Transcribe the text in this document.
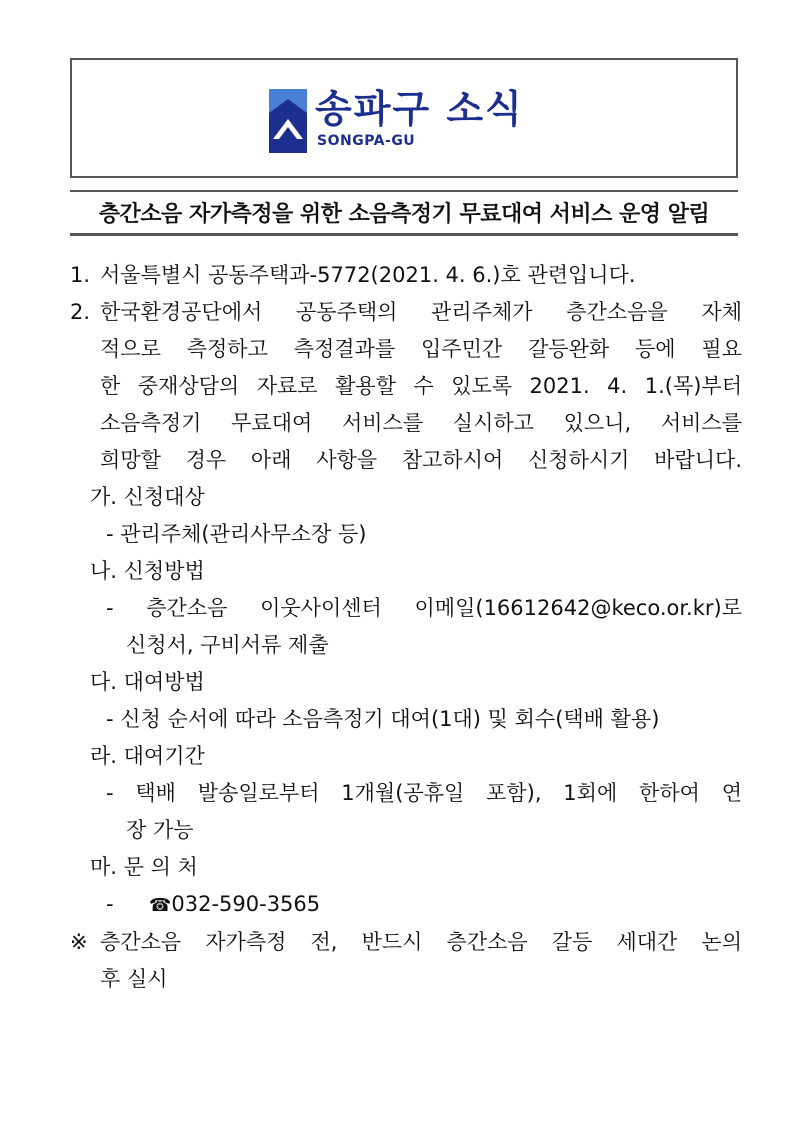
송파구 소식
SONGPA-GU
층간소음 자가측정을 위한 소음측정기 무료대여 서비스 운영 알림
1. 서울특별시 공동주택과-5772(2021. 4. 6.)호 관련입니다.
2. 한국환경공단에서 공동주택의 관리주체가 층간소음을 자체
적으로 측정하고 측정결과를 입주민간 갈등완화 등에 필요
한 중재상담의 자료로 활용할 수 있도록 2021. 4. 1.(목)부터
소음측정기 무료대여 서비스를 실시하고 있으니, 서비스를
희망할 경우 아래 사항을 참고하시어 신청하시기 바랍니다.
가. 신청대상
- 관리주체(관리사무소장 등)
나. 신청방법
- 층간소음 이웃사이센터 이메일(16612642@keco.or.kr)로
신청서, 구비서류 제출
다. 대여방법
- 신청 순서에 따라 소음측정기 대여(1대) 및 회수(택배 활용)
라. 대여기간
- 택배 발송일로부터 1개월(공휴일 포함), 1회에 한하여 연
장 가능
마. 문 의 처
- ☎032-590-3565
※ 층간소음 자가측정 전, 반드시 층간소음 갈등 세대간 논의
후 실시
